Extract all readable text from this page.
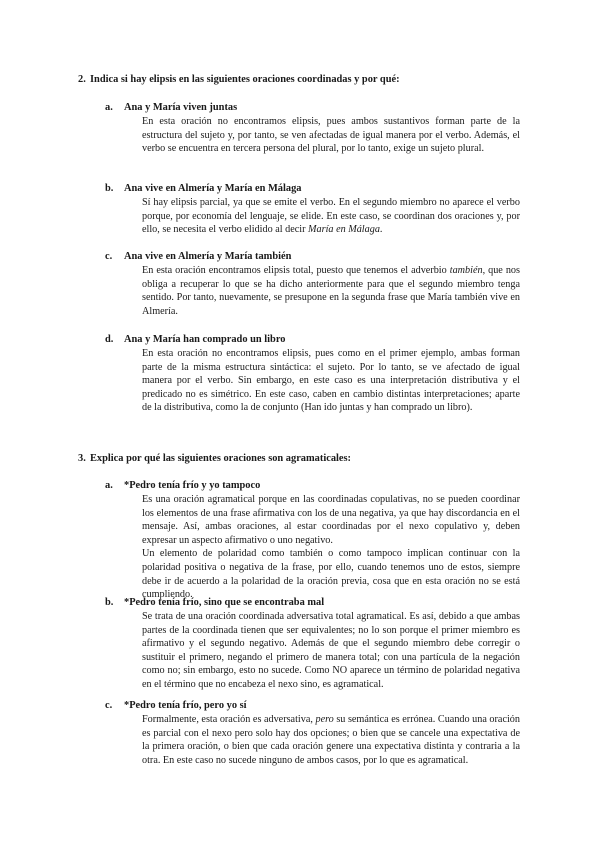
2. Indica si hay elipsis en las siguientes oraciones coordinadas y por qué:
a. Ana y María viven juntas

En esta oración no encontramos elipsis, pues ambos sustantivos forman parte de la estructura del sujeto y, por tanto, se ven afectadas de igual manera por el verbo. Además, el verbo se encuentra en tercera persona del plural, por lo tanto, exige un sujeto plural.

b. Ana vive en Almería y María en Málaga

Sí hay elipsis parcial, ya que se emite el verbo. En el segundo miembro no aparece el verbo porque, por economía del lenguaje, se elide. En este caso, se coordinan dos oraciones y, por ello, se necesita el verbo elidido al decir María en Málaga.

c. Ana vive en Almería y María también

En esta oración encontramos elipsis total, puesto que tenemos el adverbio también, que nos obliga a recuperar lo que se ha dicho anteriormente para que el segundo miembro tenga sentido. Por tanto, nuevamente, se presupone en la segunda frase que María también vive en Almería.

d. Ana y María han comprado un libro

En esta oración no encontramos elipsis, pues como en el primer ejemplo, ambas forman parte de la misma estructura sintáctica: el sujeto. Por lo tanto, se ve afectado de igual manera por el verbo. Sin embargo, en este caso es una interpretación distributiva y el predicado no es simétrico. En este caso, caben en cambio distintas interpretaciones; aparte de la distributiva, como la de conjunto (Han ido juntas y han comprado un libro).

3. Explica por qué las siguientes oraciones son agramaticales:
a. *Pedro tenía frío y yo tampoco

Es una oración agramatical porque en las coordinadas copulativas, no se pueden coordinar los elementos de una frase afirmativa con los de una negativa, ya que hay discordancia en el mensaje. Así, ambas oraciones, al estar coordinadas por el nexo copulativo y, deben expresar un aspecto afirmativo o uno negativo.

Un elemento de polaridad como también o como tampoco implican continuar con la polaridad positiva o negativa de la frase, por ello, cuando tenemos uno de estos, siempre debe ir de acuerdo a la polaridad de la oración previa, cosa que en esta oración no se está cumpliendo.

b. *Pedro tenía frío, sino que se encontraba mal

Se trata de una oración coordinada adversativa total agramatical. Es así, debido a que ambas partes de la coordinada tienen que ser equivalentes; no lo son porque el primer miembro es afirmativo y el segundo negativo. Además de que el segundo miembro debe corregir o sustituir el primero, negando el primero de manera total; con una partícula de la negación como no; sin embargo, esto no sucede. Como NO aparece un término de polaridad negativa en el término que no encabeza el nexo sino, es agramatical.

c. *Pedro tenía frío, pero yo sí

Formalmente, esta oración es adversativa, pero su semántica es errónea. Cuando una oración es parcial con el nexo pero solo hay dos opciones; o bien que se cancele una expectativa de la primera oración, o bien que cada oración genere una expectativa distinta y contraria a la otra. En este caso no sucede ninguno de ambos casos, por lo que es agramatical.
